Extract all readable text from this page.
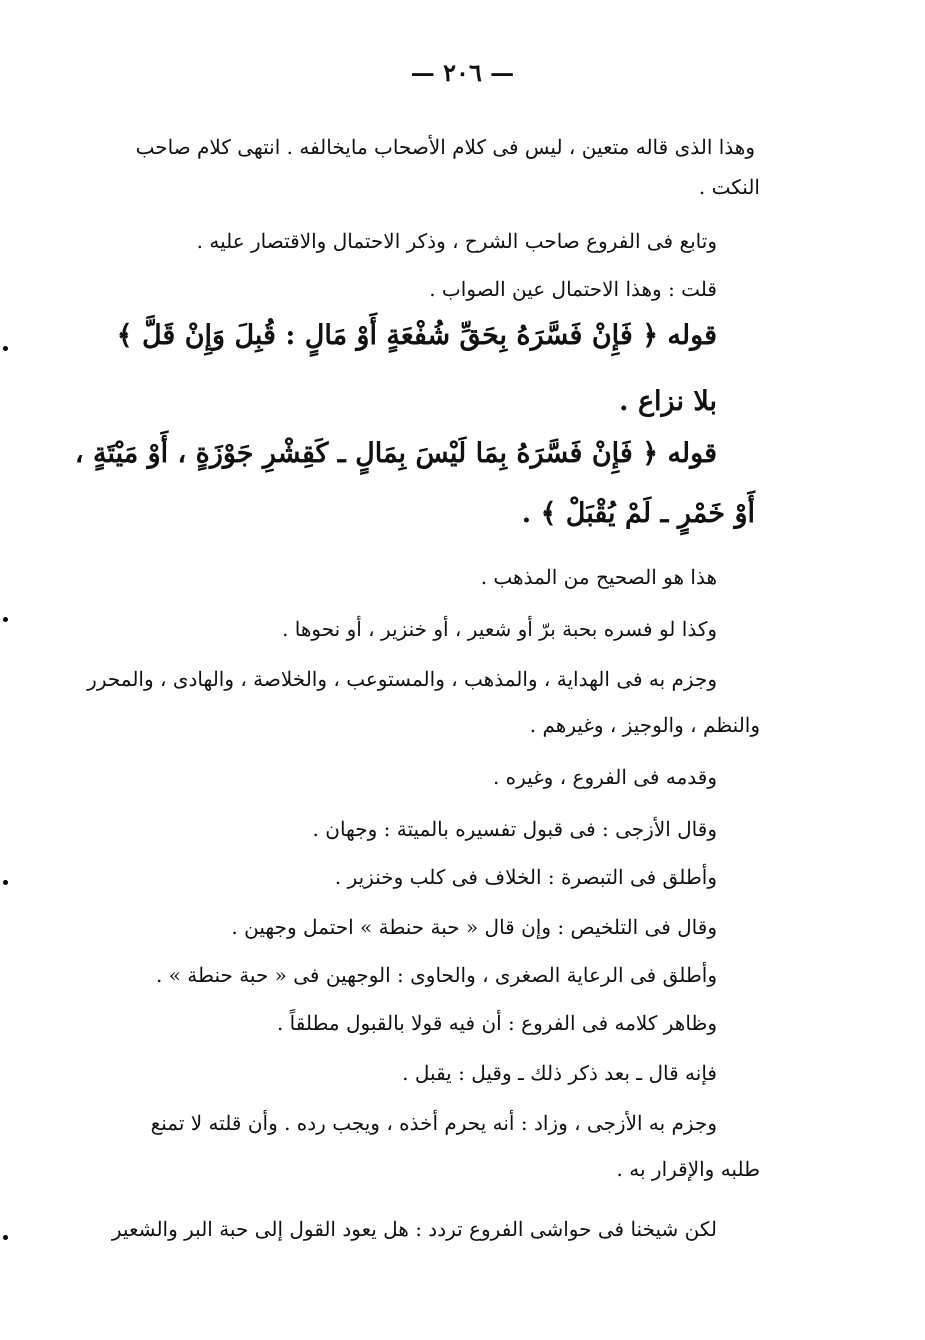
— ٢٠٦ —
وهذا الذى قاله متعين ، ليس فى كلام الأصحاب مايخالفه . انتهى كلام صاحب
النكت .
وتابع فى الفروع صاحب الشرح ، وذكر الاحتمال والاقتصار عليه .
قلت : وهذا الاحتمال عين الصواب .
قوله ﴿ فَإِنْ فَسَّرَهُ بِحَقِّ شُفْعَةٍ أَوْ مَالٍ : قُبِلَ وَإِنْ قَلَّ ﴾
بلا نزاع .
قوله ﴿ فَإِنْ فَسَّرَهُ بِمَا لَيْسَ بِمَالٍ ـ كَقِشْرِ جَوْزَةٍ ، أَوْ مَيْتَةٍ ،
أَوْ خَمْرٍ ـ لَمْ يُقْبَلْ ﴾ .
هذا هو الصحيح من المذهب .
وكذا لو فسره بحبة برّ أو شعير ، أو خنزير ، أو نحوها .
وجزم به فى الهداية ، والمذهب ، والمستوعب ، والخلاصة ، والهادى ، والمحرر
والنظم ، والوجيز ، وغيرهم .
وقدمه فى الفروع ، وغيره .
وقال الأزجى : فى قبول تفسيره بالميتة : وجهان .
وأطلق فى التبصرة : الخلاف فى كلب وخنزير .
وقال فى التلخيص : وإن قال « حبة حنطة » احتمل وجهين .
وأطلق فى الرعاية الصغرى ، والحاوى : الوجهين فى « حبة حنطة » .
وظاهر كلامه فى الفروع : أن فيه قولا بالقبول مطلقاً .
فإنه قال ـ بعد ذكر ذلك ـ وقيل : يقبل .
وجزم به الأزجى ، وزاد : أنه يحرم أخذه ، ويجب رده . وأن قلته لا تمنع
طلبه والإقرار به .
لكن شيخنا فى حواشى الفروع تردد : هل يعود القول إلى حبة البر والشعير
